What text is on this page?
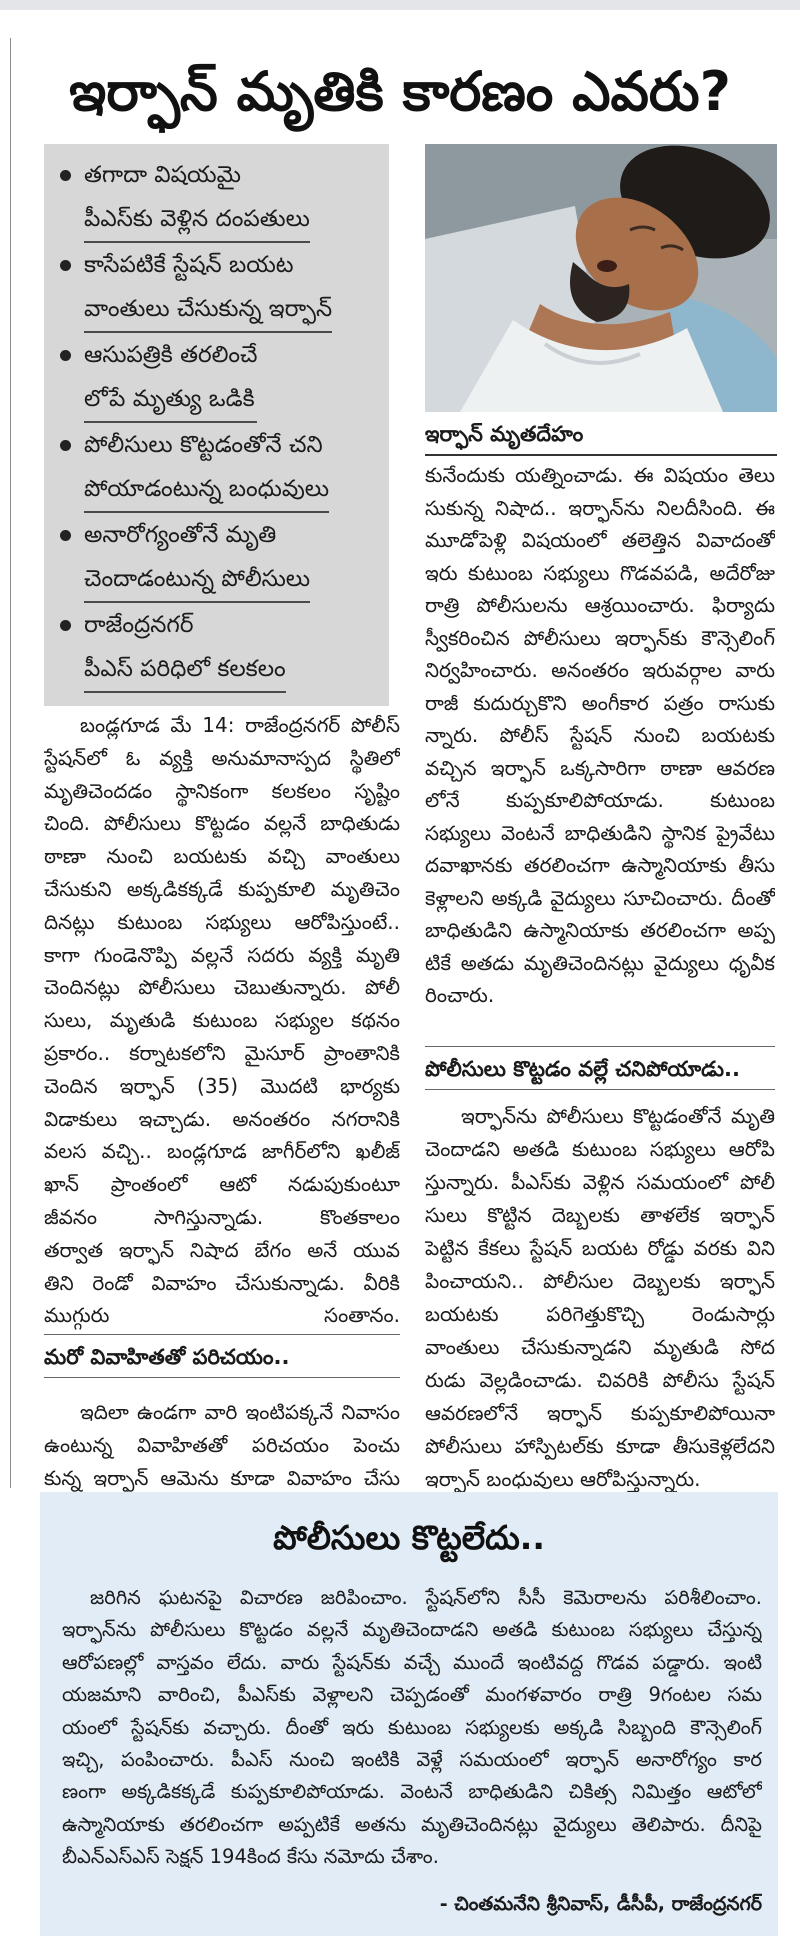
ఇర్ఫాన్ మృతికి కారణం ఎవరు?
తగాదా విషయమై
పీఎస్‌కు వెళ్లిన దంపతులు
కాసేపటికే స్టేషన్ బయట
వాంతులు చేసుకున్న ఇర్ఫాన్
ఆసుపత్రికి తరలించే
లోపే మృత్యు ఒడికి
పోలీసులు కొట్టడంతోనే చని
పోయాడంటున్న బంధువులు
అనారోగ్యంతోనే మృతి
చెందాడంటున్న పోలీసులు
రాజేంద్రనగర్
పీఎస్ పరిధిలో కలకలం
ఇర్ఫాన్ మృతదేహం
బండ్లగూడ మే 14: రాజేంద్రనగర్ పోలీస్
స్టేషన్‌లో ఓ వ్యక్తి అనుమానాస్పద స్థితిలో
మృతిచెందడం స్థానికంగా కలకలం సృష్టిం
చింది. పోలీసులు కొట్టడం వల్లనే బాధితుడు
ఠాణా నుంచి బయటకు వచ్చి వాంతులు
చేసుకుని అక్కడికక్కడే కుప్పకూలి మృతిచెం
దినట్లు కుటుంబ సభ్యులు ఆరోపిస్తుంటే..
కాగా గుండెనొప్పి వల్లనే సదరు వ్యక్తి మృతి
చెందినట్లు పోలీసులు చెబుతున్నారు. పోలీ
సులు, మృతుడి కుటుంబ సభ్యుల కథనం
ప్రకారం.. కర్నాటకలోని మైసూర్ ప్రాంతానికి
చెందిన ఇర్ఫాన్ (35) మొదటి భార్యకు
విడాకులు ఇచ్చాడు. అనంతరం నగరానికి
వలస వచ్చి.. బండ్లగూడ జాగీర్‌లోని ఖలీజ్
ఖాన్ ప్రాంతంలో ఆటో నడుపుకుంటూ
జీవనం సాగిస్తున్నాడు. కొంతకాలం
తర్వాత ఇర్ఫాన్ నిషాద బేగం అనే యువ
తిని రెండో వివాహం చేసుకున్నాడు. వీరికి
ముగ్గురు సంతానం.
మరో వివాహితతో పరిచయం..
ఇదిలా ఉండగా వారి ఇంటిపక్కనే నివాసం
ఉంటున్న వివాహితతో పరిచయం పెంచు
కున్న ఇర్ఫాన్ ఆమెను కూడా వివాహం చేసు
కునేందుకు యత్నించాడు. ఈ విషయం తెలు
సుకున్న నిషాద.. ఇర్ఫాన్‌ను నిలదీసింది. ఈ
మూడోపెళ్లి విషయంలో తలెత్తిన వివాదంతో
ఇరు కుటుంబ సభ్యులు గొడవపడి, అదేరోజు
రాత్రి పోలీసులను ఆశ్రయించారు. ఫిర్యాదు
స్వీకరించిన పోలీసులు ఇర్ఫాన్‌కు కౌన్సెలింగ్
నిర్వహించారు. అనంతరం ఇరువర్గాల వారు
రాజీ కుదుర్చుకొని అంగీకార పత్రం రాసుకు
న్నారు. పోలీస్ స్టేషన్ నుంచి బయటకు
వచ్చిన ఇర్ఫాన్ ఒక్కసారిగా ఠాణా ఆవరణ
లోనే కుప్పకూలిపోయాడు. కుటుంబ
సభ్యులు వెంటనే బాధితుడిని స్థానిక ప్రైవేటు
దవాఖానకు తరలించగా ఉస్మానియాకు తీసు
కెళ్లాలని అక్కడి వైద్యులు సూచించారు. దీంతో
బాధితుడిని ఉస్మానియాకు తరలించగా అప్ప
టికే అతడు మృతిచెందినట్లు వైద్యులు ధృవీక
రించారు.
పోలీసులు కొట్టడం వల్లే చనిపోయాడు..
ఇర్ఫాన్‌ను పోలీసులు కొట్టడంతోనే మృతి
చెందాడని అతడి కుటుంబ సభ్యులు ఆరోపి
స్తున్నారు. పీఎస్‌కు వెళ్లిన సమయంలో పోలీ
సులు కొట్టిన దెబ్బలకు తాళలేక ఇర్ఫాన్
పెట్టిన కేకలు స్టేషన్ బయట రోడ్డు వరకు విని
పించాయని.. పోలీసుల దెబ్బలకు ఇర్ఫాన్
బయటకు పరిగెత్తుకొచ్చి రెండుసార్లు
వాంతులు చేసుకున్నాడని మృతుడి సోద
రుడు వెల్లడించాడు. చివరికి పోలీసు స్టేషన్
ఆవరణలోనే ఇర్ఫాన్ కుప్పకూలిపోయినా
పోలీసులు హాస్పిటల్‌కు కూడా తీసుకెళ్లలేదని
ఇర్ఫాన్ బంధువులు ఆరోపిస్తున్నారు.
పోలీసులు కొట్టలేదు..
జరిగిన ఘటనపై విచారణ జరిపించాం. స్టేషన్‌లోని సీసీ కెమెరాలను పరిశీలించాం.
ఇర్ఫాన్‌ను పోలీసులు కొట్టడం వల్లనే మృతిచెందాడని అతడి కుటుంబ సభ్యులు చేస్తున్న
ఆరోపణల్లో వాస్తవం లేదు. వారు స్టేషన్‌కు వచ్చే ముందే ఇంటివద్ద గొడవ పడ్డారు. ఇంటి
యజమాని వారించి, పీఎస్‌కు వెళ్లాలని చెప్పడంతో మంగళవారం రాత్రి 9గంటల సమ
యంలో స్టేషన్‌కు వచ్చారు. దీంతో ఇరు కుటుంబ సభ్యులకు అక్కడి సిబ్బంది కౌన్సెలింగ్
ఇచ్చి, పంపించారు. పీఎస్ నుంచి ఇంటికి వెళ్లే సమయంలో ఇర్ఫాన్ అనారోగ్యం కార
ణంగా అక్కడికక్కడే కుప్పకూలిపోయాడు. వెంటనే బాధితుడిని చికిత్స నిమిత్తం ఆటోలో
ఉస్మానియాకు తరలించగా అప్పటికే అతను మృతిచెందినట్లు వైద్యులు తెలిపారు. దీనిపై
బీఎన్ఎస్ఎస్ సెక్షన్ 194కింద కేసు నమోదు చేశాం.
- చింతమనేని శ్రీనివాస్, డీసీపీ, రాజేంద్రనగర్
